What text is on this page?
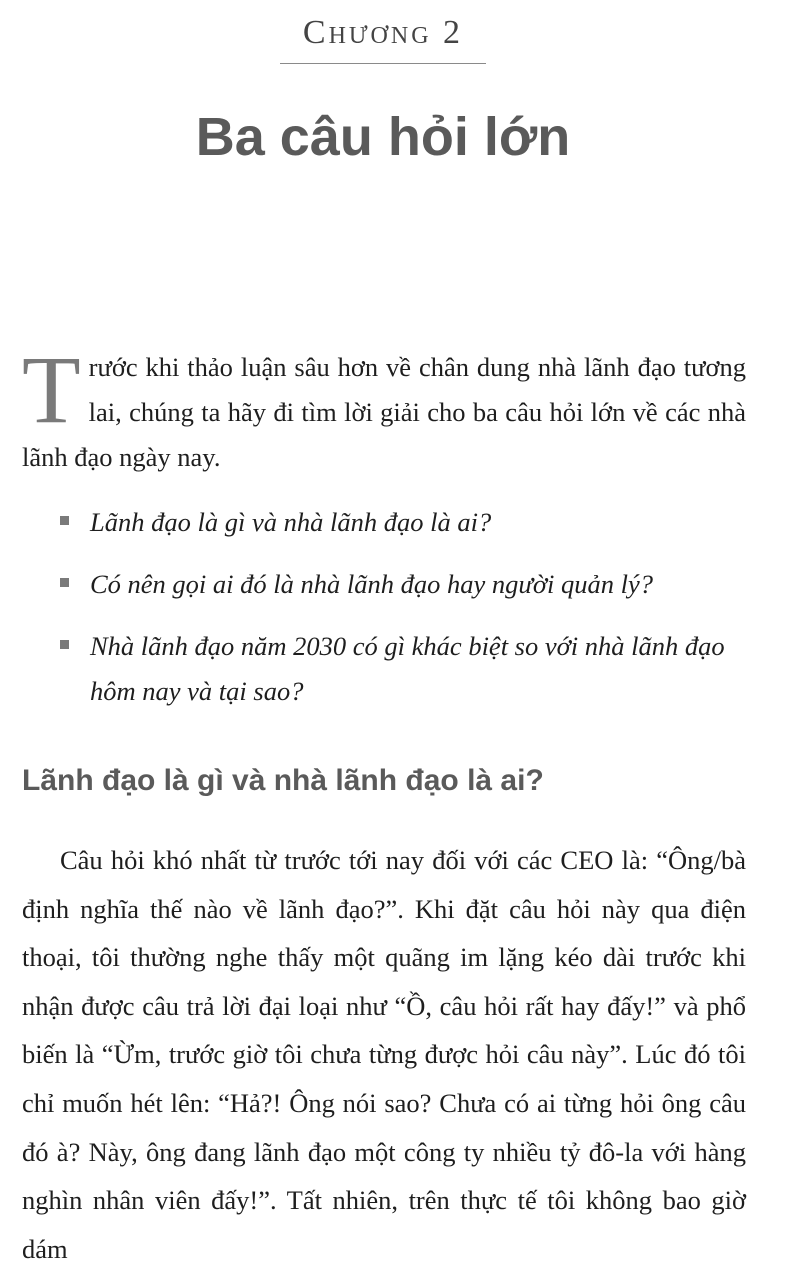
Chương 2
Ba câu hỏi lớn

Trước khi thảo luận sâu hơn về chân dung nhà lãnh đạo tương lai, chúng ta hãy đi tìm lời giải cho ba câu hỏi lớn về các nhà lãnh đạo ngày nay.

Lãnh đạo là gì và nhà lãnh đạo là ai?
Có nên gọi ai đó là nhà lãnh đạo hay người quản lý?
Nhà lãnh đạo năm 2030 có gì khác biệt so với nhà lãnh đạo hôm nay và tại sao?
Lãnh đạo là gì và nhà lãnh đạo là ai?

Câu hỏi khó nhất từ trước tới nay đối với các CEO là: “Ông/bà định nghĩa thế nào về lãnh đạo?”. Khi đặt câu hỏi này qua điện thoại, tôi thường nghe thấy một quãng im lặng kéo dài trước khi nhận được câu trả lời đại loại như “Ồ, câu hỏi rất hay đấy!” và phổ biến là “Ừm, trước giờ tôi chưa từng được hỏi câu này”. Lúc đó tôi chỉ muốn hét lên: “Hả?! Ông nói sao? Chưa có ai từng hỏi ông câu đó à? Này, ông đang lãnh đạo một công ty nhiều tỷ đô-la với hàng nghìn nhân viên đấy!”. Tất nhiên, trên thực tế tôi không bao giờ dám
